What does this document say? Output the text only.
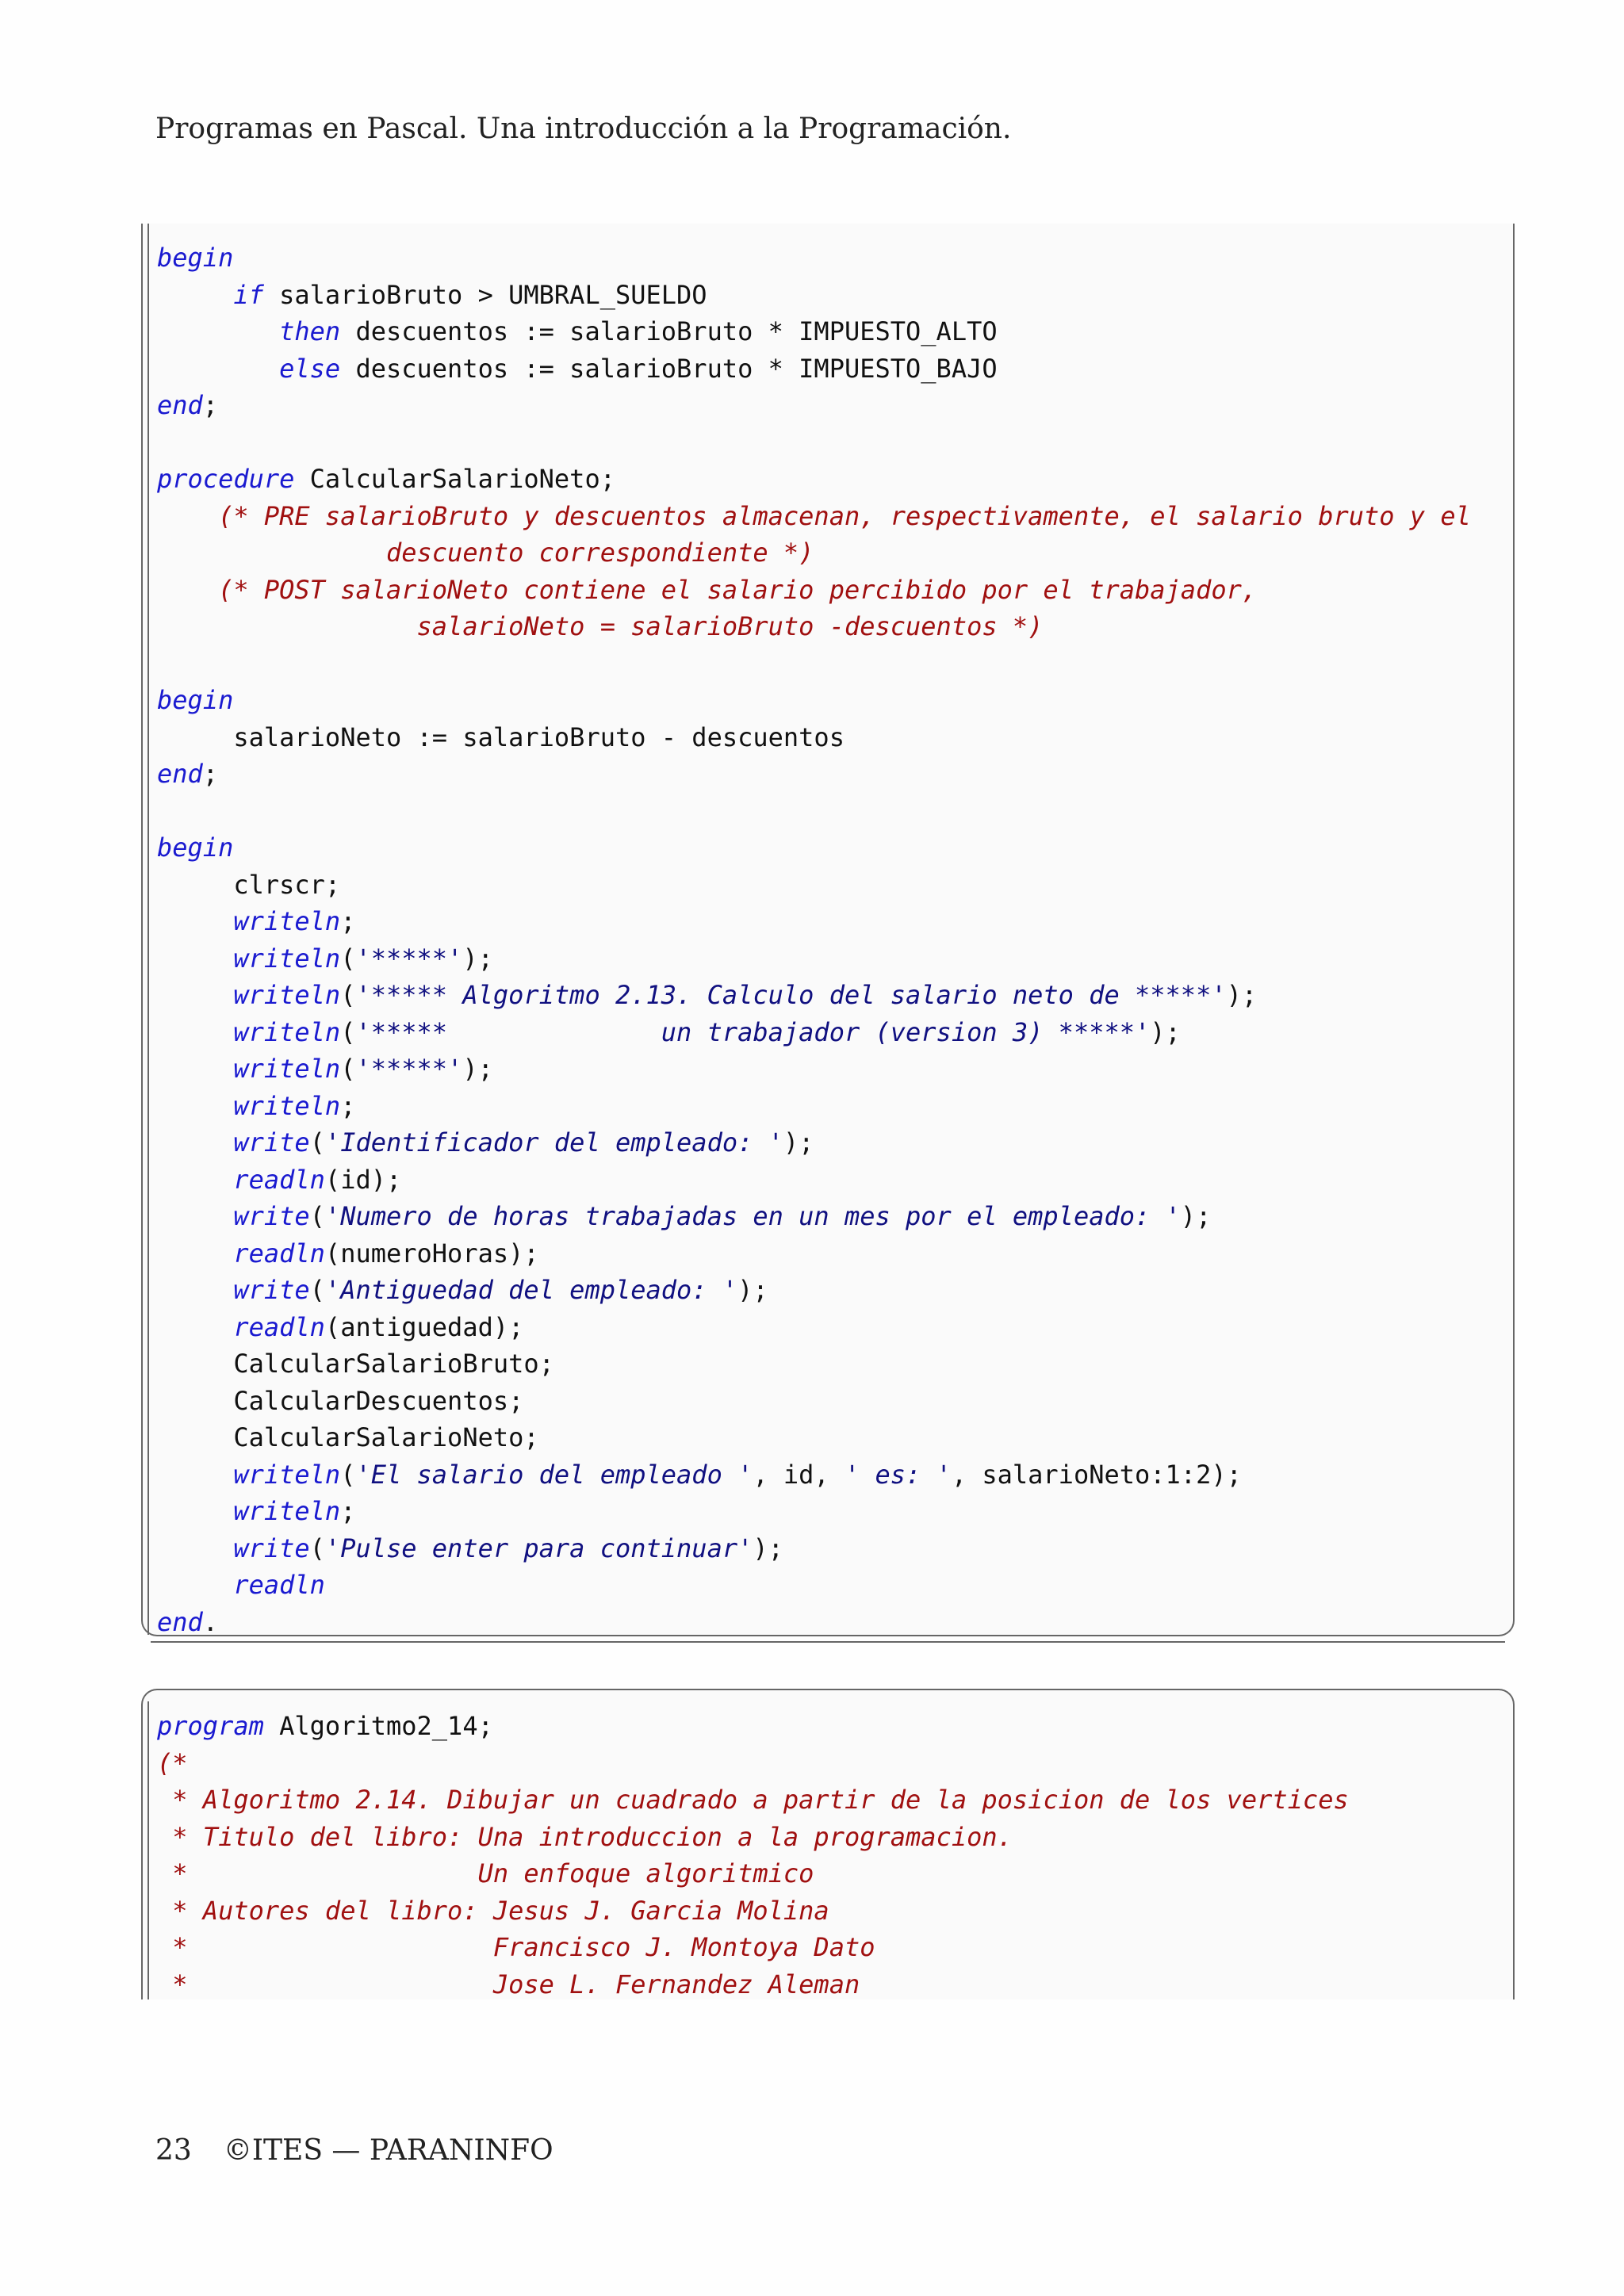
Programas en Pascal. Una introducción a la Programación.
begin
if salarioBruto > UMBRAL_SUELDO
then descuentos := salarioBruto * IMPUESTO_ALTO
else descuentos := salarioBruto * IMPUESTO_BAJO
end;
procedure CalcularSalarioNeto;
(* PRE salarioBruto y descuentos almacenan, respectivamente, el salario bruto y el
descuento correspondiente *)
(* POST salarioNeto contiene el salario percibido por el trabajador,
salarioNeto = salarioBruto -descuentos *)
begin
salarioNeto := salarioBruto - descuentos
end;
begin
clrscr;
writeln;
writeln('*****');
writeln('***** Algoritmo 2.13. Calculo del salario neto de *****');
writeln('*****              un trabajador (version 3) *****');
writeln('*****');
writeln;
write('Identificador del empleado: ');
readln(id);
write('Numero de horas trabajadas en un mes por el empleado: ');
readln(numeroHoras);
write('Antiguedad del empleado: ');
readln(antiguedad);
CalcularSalarioBruto;
CalcularDescuentos;
CalcularSalarioNeto;
writeln('El salario del empleado ', id, ' es: ', salarioNeto:1:2);
writeln;
write('Pulse enter para continuar');
readln
end.
program Algoritmo2_14;
(*
* Algoritmo 2.14. Dibujar un cuadrado a partir de la posicion de los vertices
* Titulo del libro: Una introduccion a la programacion.
*                   Un enfoque algoritmico
* Autores del libro: Jesus J. Garcia Molina
*                    Francisco J. Montoya Dato
*                    Jose L. Fernandez Aleman
23 ©ITES — PARANINFO
